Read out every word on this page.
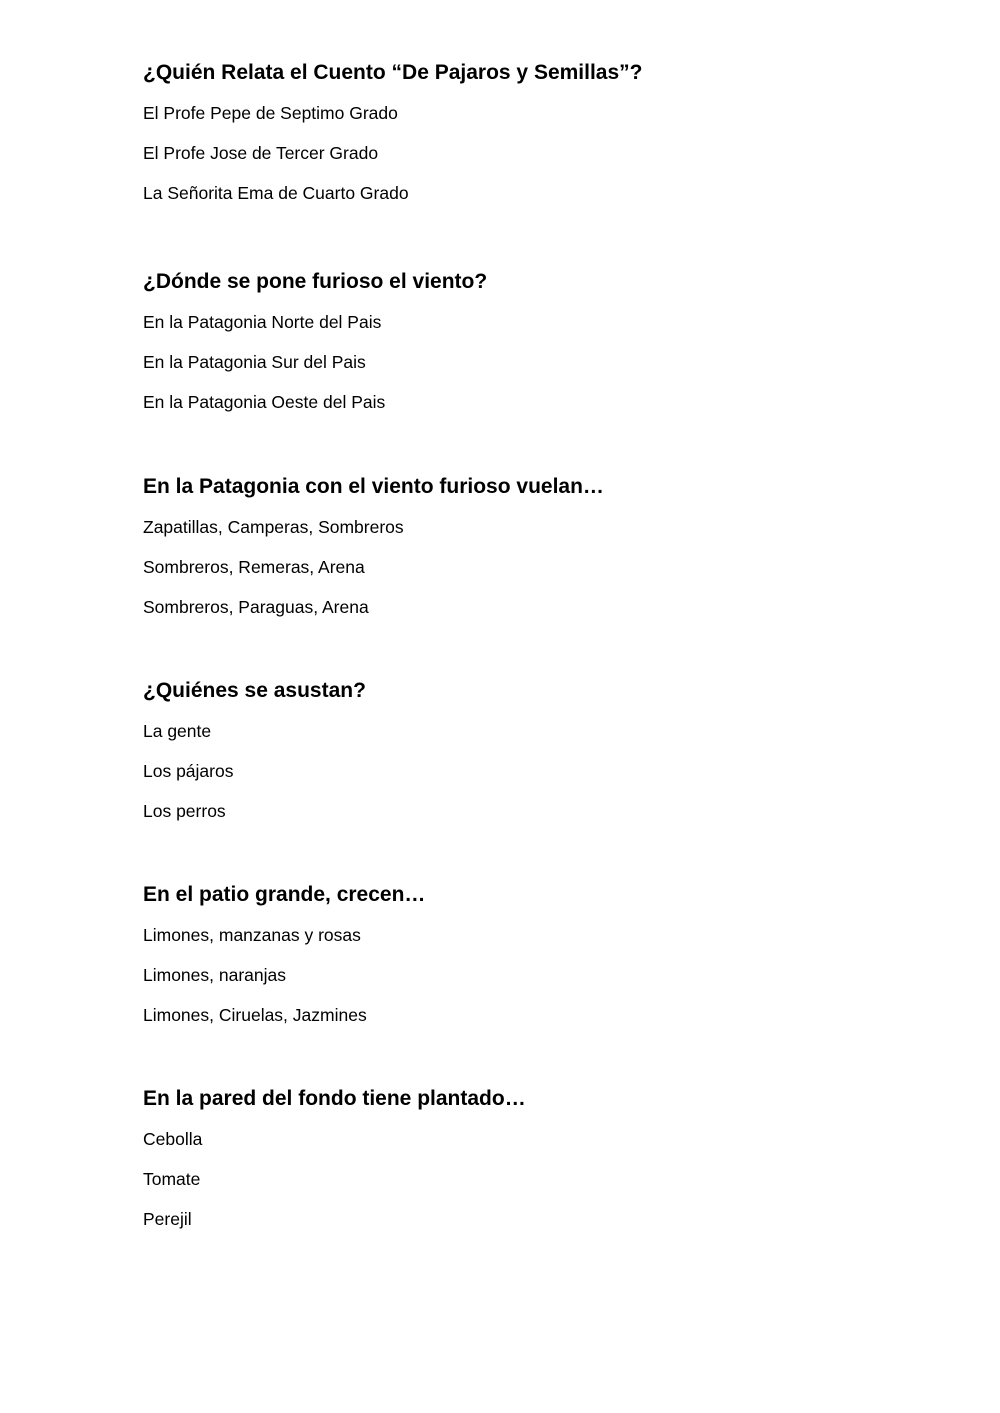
¿Quién Relata el Cuento “De Pajaros y Semillas”?
El Profe Pepe de Septimo Grado
El Profe Jose de Tercer Grado
La Señorita Ema de Cuarto Grado
¿Dónde se pone furioso el viento?
En la Patagonia Norte del Pais
En la Patagonia Sur del Pais
En la Patagonia Oeste del Pais
En la Patagonia con el viento furioso vuelan…
Zapatillas, Camperas, Sombreros
Sombreros, Remeras, Arena
Sombreros, Paraguas, Arena
¿Quiénes se asustan?
La gente
Los pájaros
Los perros
En el patio grande, crecen…
Limones, manzanas y rosas
Limones, naranjas
Limones, Ciruelas, Jazmines
En la pared del fondo tiene plantado…
Cebolla
Tomate
Perejil
